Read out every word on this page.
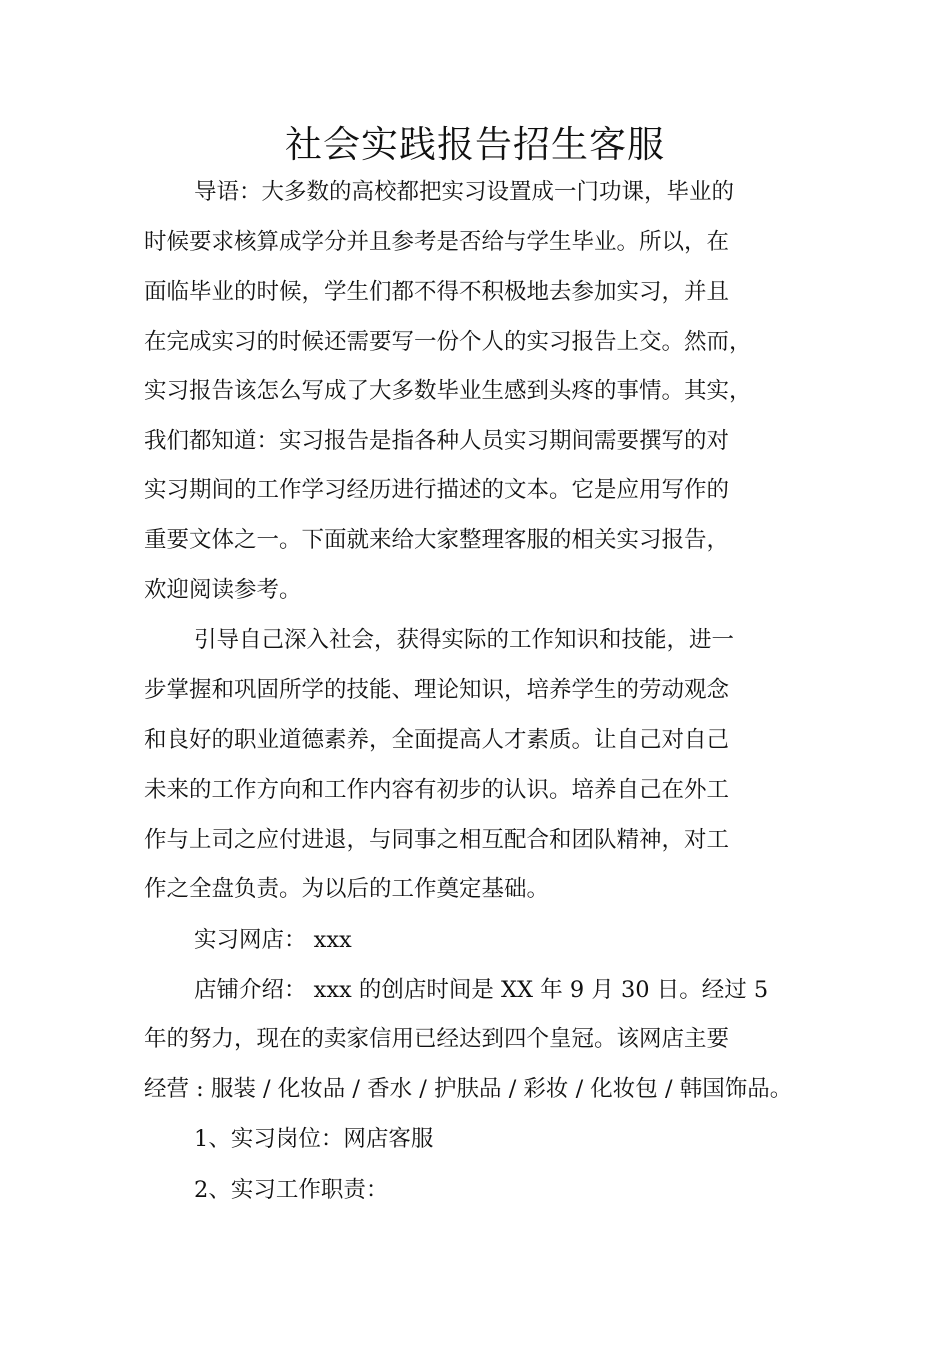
社会实践报告招生客服

导语：大多数的高校都把实习设置成一门功课，毕业的

时候要求核算成学分并且参考是否给与学生毕业。所以，在

面临毕业的时候，学生们都不得不积极地去参加实习，并且

在完成实习的时候还需要写一份个人的实习报告上交。然而，

实习报告该怎么写成了大多数毕业生感到头疼的事情。其实，

我们都知道：实习报告是指各种人员实习期间需要撰写的对

实习期间的工作学习经历进行描述的文本。它是应用写作的

重要文体之一。下面就来给大家整理客服的相关实习报告，

欢迎阅读参考。

引导自己深入社会，获得实际的工作知识和技能，进一

步掌握和巩固所学的技能、理论知识，培养学生的劳动观念

和良好的职业道德素养，全面提高人才素质。让自己对自己

未来的工作方向和工作内容有初步的认识。培养自己在外工

作与上司之应付进退，与同事之相互配合和团队精神，对工

作之全盘负责。为以后的工作奠定基础。

实习网店： xxx

店铺介绍： xxx 的创店时间是 XX 年 9 月 30 日。经过 5

年的努力，现在的卖家信用已经达到四个皇冠。该网店主要

经营 : 服装 / 化妆品 / 香水 / 护肤品 / 彩妆 / 化妆包 / 韩国饰品。

1、实习岗位：网店客服

2、实习工作职责：
